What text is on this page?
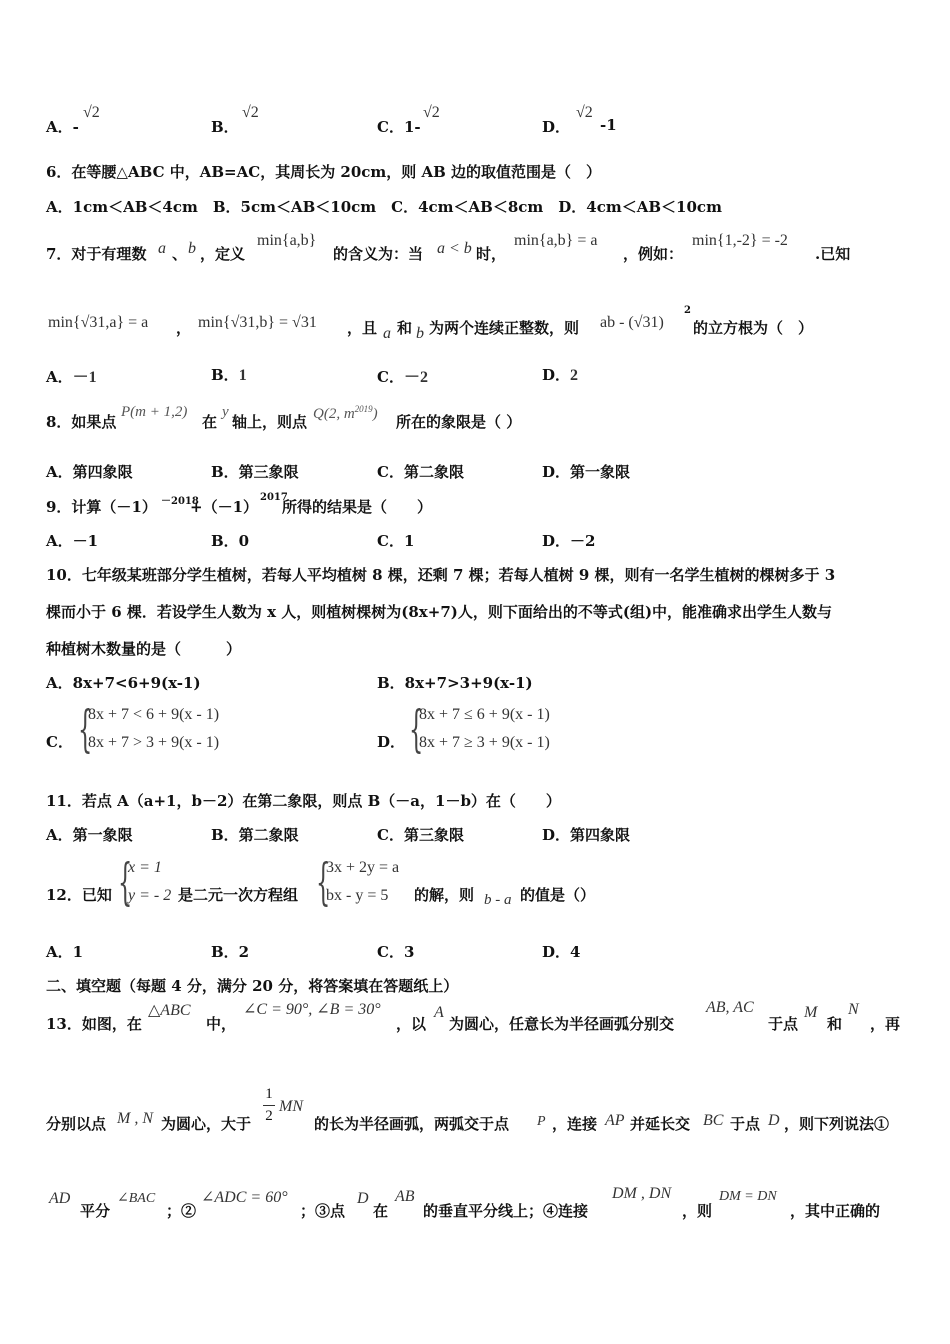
A．-
√2
B．
√2
C．1-
√2
D．
√2
-1
6．在等腰△ABC 中，AB=AC，其周长为 20cm，则 AB 边的取值范围是（　）
A．1cm＜AB＜4cm　B．5cm＜AB＜10cm　C．4cm＜AB＜8cm　D．4cm＜AB＜10cm
7．对于有理数 a 、 b ，定义
min{a,b}
的含义为：当 a < b 时，
min{a,b} = a
，例如：
min{1,-2} = -2
.已知
min{√31,a} = a ， min{√31,b} = √31 ，且 a 和 b 为两个连续正整数，则 ab - (√31)
2
的立方根为（　）
A．－1	B．1	C．－2	D．2
8．如果点
P(m + 1,2)
在
y
轴上，则点 Q(2, $m^{2019}$) 所在的象限是（ ）
A．第四象限	B．第三象限	C．第二象限	D．第一象限
9．计算（－1） －2018
+（－1）
2017
所得的结果是（　　）
A．－1	B．0	C．1	D．－2
10．七年级某班部分学生植树，若每人平均植树 8 棵，还剩 7 棵；若每人植树 9 棵，则有一名学生植树的棵树多于 3
棵而小于 6 棵．若设学生人数为 x 人，则植树棵树为(8x+7)人，则下面给出的不等式(组)中，能准确求出学生人数与
种植树木数量的是（　　　）
A．8x+7<6+9(x-1)	B．8x+7>3+9(x-1)
C． {
8x + 7 < 6 + 9(x - 1)
8x + 7 > 3 + 9(x - 1)	D． {
8x + 7 ≤ 6 + 9(x - 1)
8x + 7 ≥ 3 + 9(x - 1)
11．若点 A（a+1，b－2）在第二象限，则点 B（－a，1－b）在（　　）
A．第一象限	B．第二象限	C．第三象限	D．第四象限
12．已知 {
x = 1
y = - 2 是二元一次方程组 {
3x + 2y = a
bx - y = 5 的解，则 b - a 的值是（）
A．1	B．2	C．3	D．4
二、填空题（每题 4 分，满分 20 分，将答案填在答题纸上）
13．如图，在
△ABC
中，
∠C = 90°, ∠B = 30°
，以
A
为圆心，任意长为半径画弧分别交
AB, AC
于点
M
和
N
，再
分别以点 M , N 为圆心，大于
1
2
MN
的长为半径画弧，两弧交于点 P ，连接 AP 并延长交 BC 于点 D ，则下列说法①
AD
平分
∠BAC
；②
∠ADC = 60°
；③点
D
在
AB
的垂直平分线上；④连接
DM , DN
，则
DM = DN
，其中正确的
